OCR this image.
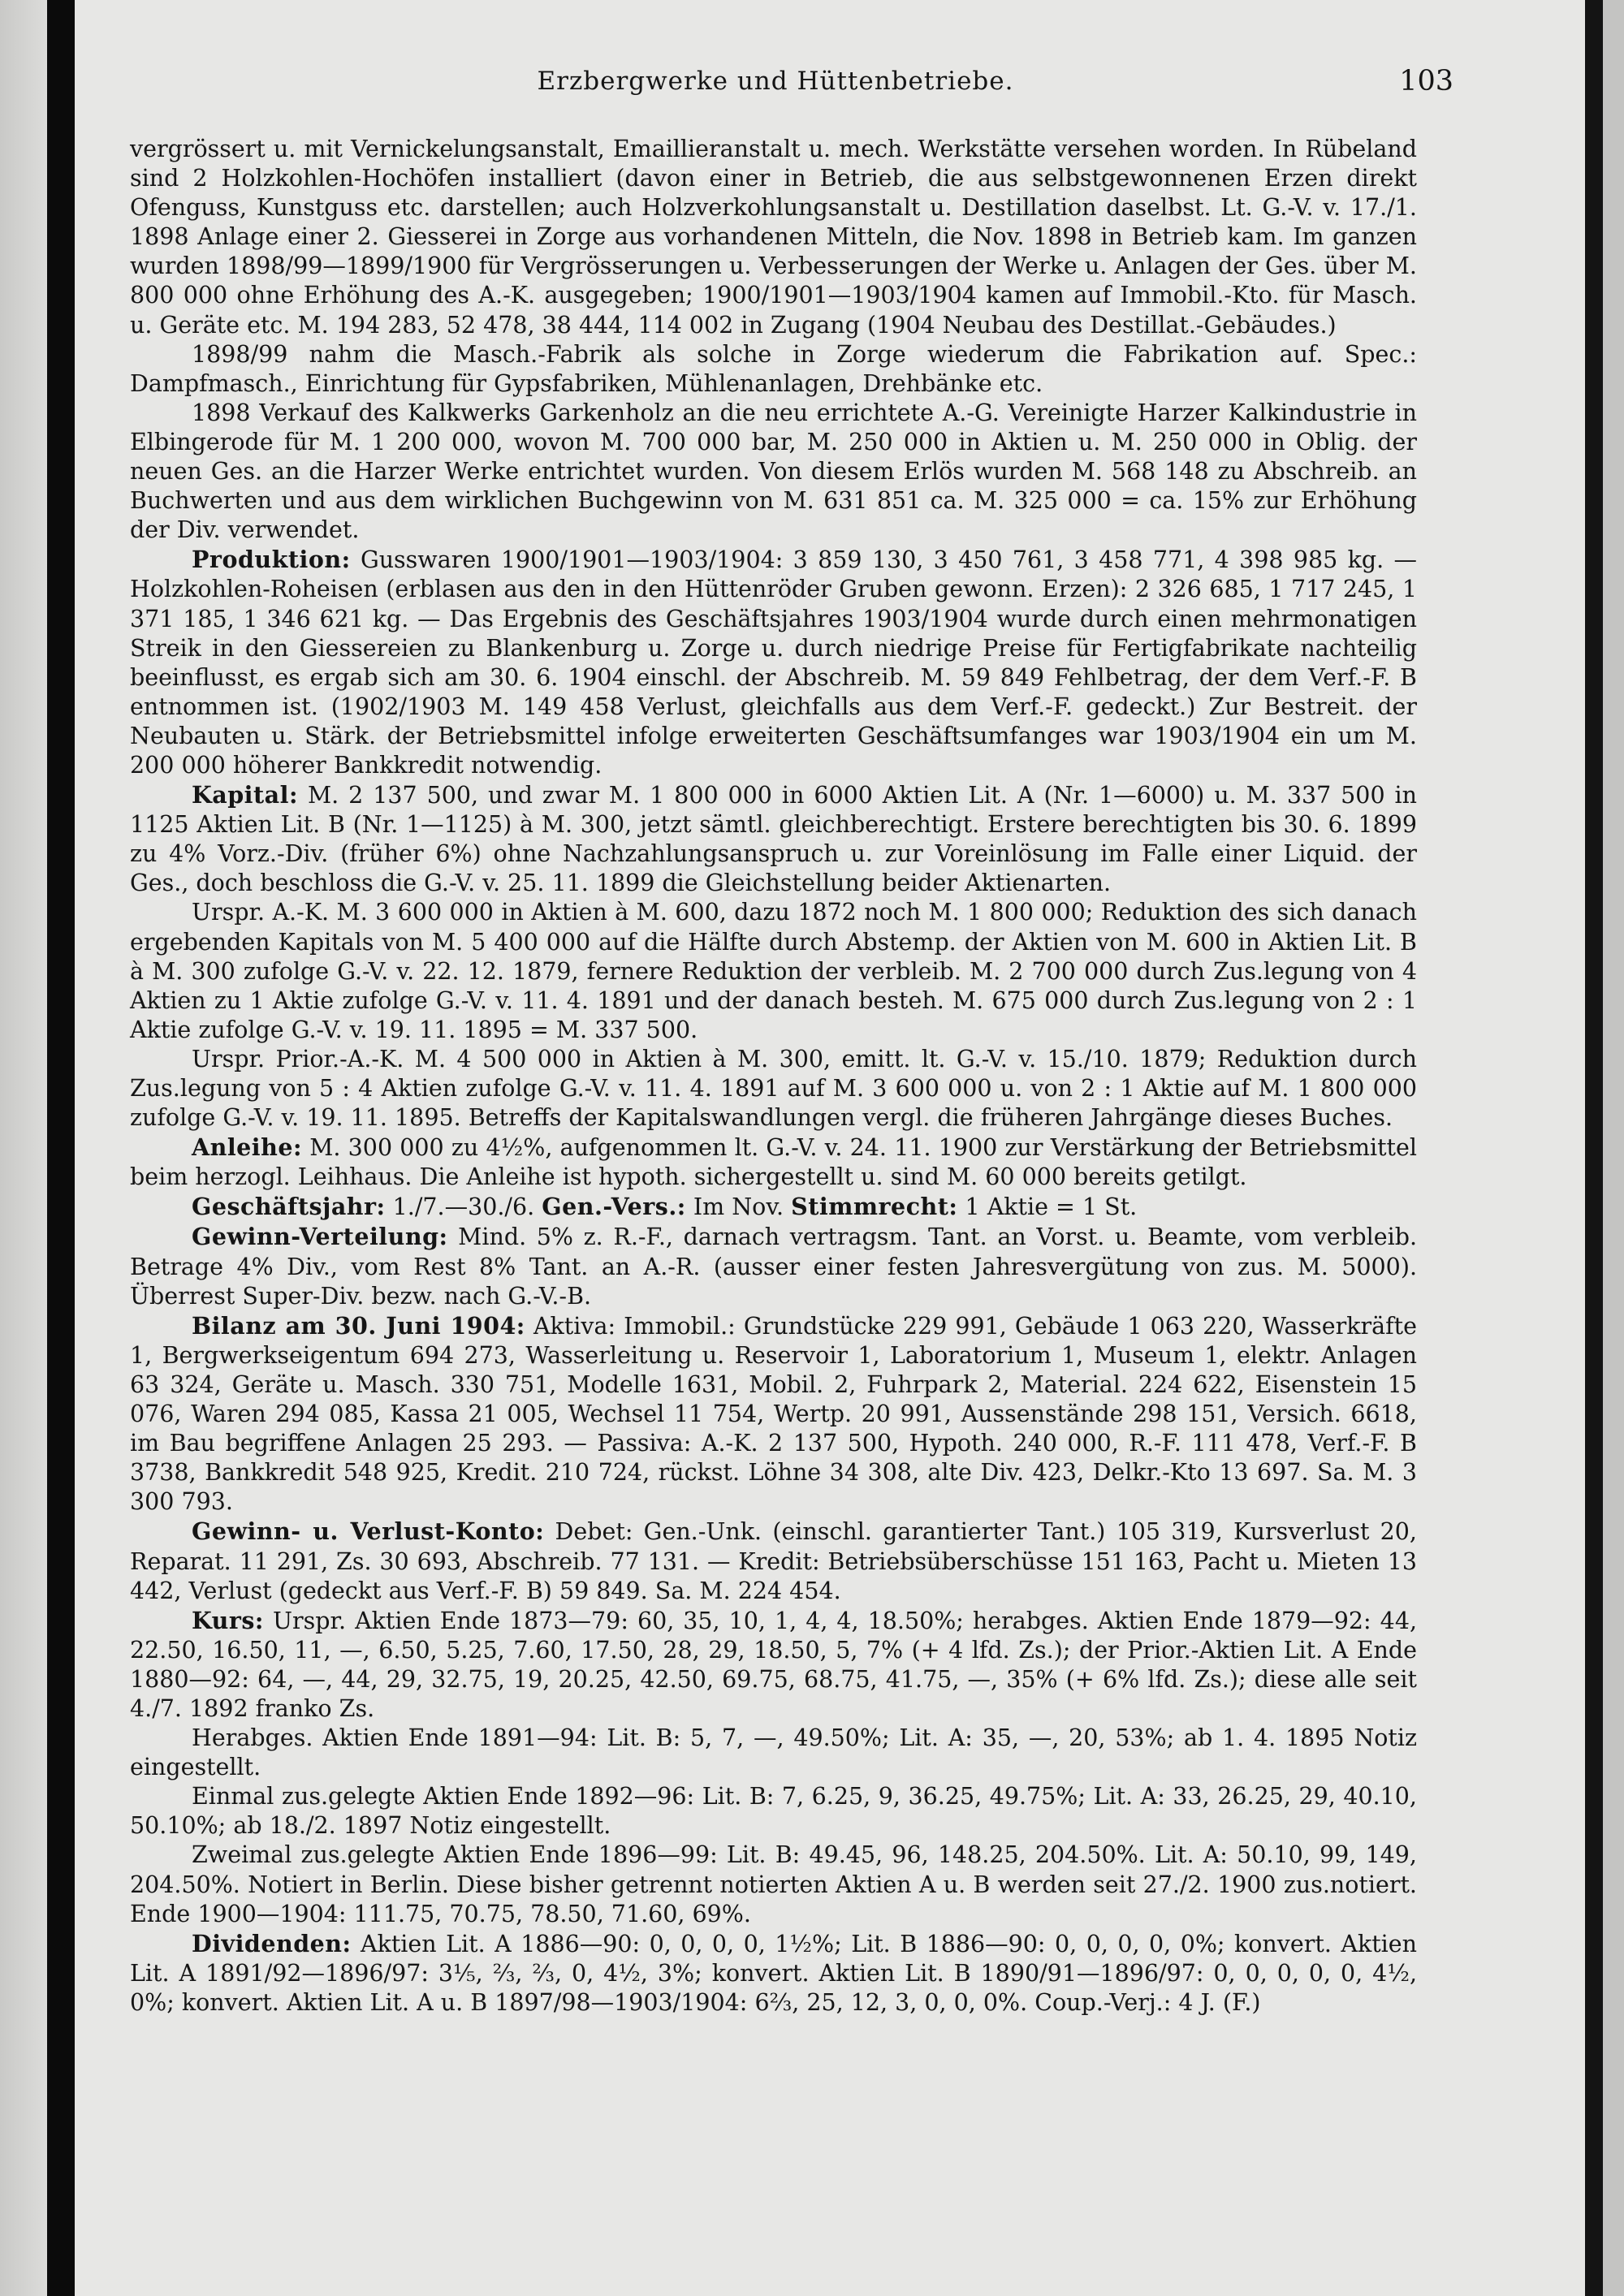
Erzbergwerke und Hüttenbetriebe.	103

vergrössert u. mit Vernickelungsanstalt, Emaillieranstalt u. mech. Werkstätte versehen worden. In Rübeland sind 2 Holzkohlen-Hochöfen installiert (davon einer in Betrieb, die aus selbstgewonnenen Erzen direkt Ofenguss, Kunstguss etc. darstellen; auch Holzverkohlungsanstalt u. Destillation daselbst. Lt. G.-V. v. 17./1. 1898 Anlage einer 2. Giesserei in Zorge aus vorhandenen Mitteln, die Nov. 1898 in Betrieb kam. Im ganzen wurden 1898/99—1899/1900 für Vergrösserungen u. Verbesserungen der Werke u. Anlagen der Ges. über M. 800 000 ohne Erhöhung des A.-K. ausgegeben; 1900/1901—1903/1904 kamen auf Immobil.-Kto. für Masch. u. Geräte etc. M. 194 283, 52 478, 38 444, 114 002 in Zugang (1904 Neubau des Destillat.-Gebäudes.)

1898/99 nahm die Masch.-Fabrik als solche in Zorge wiederum die Fabrikation auf. Spec.: Dampfmasch., Einrichtung für Gypsfabriken, Mühlenanlagen, Drehbänke etc.

1898 Verkauf des Kalkwerks Garkenholz an die neu errichtete A.-G. Vereinigte Harzer Kalkindustrie in Elbingerode für M. 1 200 000, wovon M. 700 000 bar, M. 250 000 in Aktien u. M. 250 000 in Oblig. der neuen Ges. an die Harzer Werke entrichtet wurden. Von diesem Erlös wurden M. 568 148 zu Abschreib. an Buchwerten und aus dem wirklichen Buchgewinn von M. 631 851 ca. M. 325 000 = ca. 15% zur Erhöhung der Div. verwendet.

Produktion: Gusswaren 1900/1901—1903/1904: 3 859 130, 3 450 761, 3 458 771, 4 398 985 kg. — Holzkohlen-Roheisen (erblasen aus den in den Hüttenröder Gruben gewonn. Erzen): 2 326 685, 1 717 245, 1 371 185, 1 346 621 kg. — Das Ergebnis des Geschäftsjahres 1903/1904 wurde durch einen mehrmonatigen Streik in den Giessereien zu Blankenburg u. Zorge u. durch niedrige Preise für Fertigfabrikate nachteilig beeinflusst, es ergab sich am 30. 6. 1904 einschl. der Abschreib. M. 59 849 Fehlbetrag, der dem Verf.-F. B entnommen ist. (1902/1903 M. 149 458 Verlust, gleichfalls aus dem Verf.-F. gedeckt.) Zur Bestreit. der Neubauten u. Stärk. der Betriebsmittel infolge erweiterten Geschäftsumfanges war 1903/1904 ein um M. 200 000 höherer Bankkredit notwendig.

Kapital: M. 2 137 500, und zwar M. 1 800 000 in 6000 Aktien Lit. A (Nr. 1—6000) u. M. 337 500 in 1125 Aktien Lit. B (Nr. 1—1125) à M. 300, jetzt sämtl. gleichberechtigt. Erstere berechtigten bis 30. 6. 1899 zu 4% Vorz.-Div. (früher 6%) ohne Nachzahlungsanspruch u. zur Voreinlösung im Falle einer Liquid. der Ges., doch beschloss die G.-V. v. 25. 11. 1899 die Gleichstellung beider Aktienarten.

Urspr. A.-K. M. 3 600 000 in Aktien à M. 600, dazu 1872 noch M. 1 800 000; Reduktion des sich danach ergebenden Kapitals von M. 5 400 000 auf die Hälfte durch Abstemp. der Aktien von M. 600 in Aktien Lit. B à M. 300 zufolge G.-V. v. 22. 12. 1879, fernere Reduktion der verbleib. M. 2 700 000 durch Zus.legung von 4 Aktien zu 1 Aktie zufolge G.-V. v. 11. 4. 1891 und der danach besteh. M. 675 000 durch Zus.legung von 2 : 1 Aktie zufolge G.-V. v. 19. 11. 1895 = M. 337 500.

Urspr. Prior.-A.-K. M. 4 500 000 in Aktien à M. 300, emitt. lt. G.-V. v. 15./10. 1879; Reduktion durch Zus.legung von 5 : 4 Aktien zufolge G.-V. v. 11. 4. 1891 auf M. 3 600 000 u. von 2 : 1 Aktie auf M. 1 800 000 zufolge G.-V. v. 19. 11. 1895. Betreffs der Kapitalswandlungen vergl. die früheren Jahrgänge dieses Buches.

Anleihe: M. 300 000 zu 4½%, aufgenommen lt. G.-V. v. 24. 11. 1900 zur Verstärkung der Betriebsmittel beim herzogl. Leihhaus. Die Anleihe ist hypoth. sichergestellt u. sind M. 60 000 bereits getilgt.

Geschäftsjahr: 1./7.—30./6. Gen.-Vers.: Im Nov. Stimmrecht: 1 Aktie = 1 St.

Gewinn-Verteilung: Mind. 5% z. R.-F., darnach vertragsm. Tant. an Vorst. u. Beamte, vom verbleib. Betrage 4% Div., vom Rest 8% Tant. an A.-R. (ausser einer festen Jahresvergütung von zus. M. 5000). Überrest Super-Div. bezw. nach G.-V.-B.

Bilanz am 30. Juni 1904: Aktiva: Immobil.: Grundstücke 229 991, Gebäude 1 063 220, Wasserkräfte 1, Bergwerkseigentum 694 273, Wasserleitung u. Reservoir 1, Laboratorium 1, Museum 1, elektr. Anlagen 63 324, Geräte u. Masch. 330 751, Modelle 1631, Mobil. 2, Fuhrpark 2, Material. 224 622, Eisenstein 15 076, Waren 294 085, Kassa 21 005, Wechsel 11 754, Wertp. 20 991, Aussenstände 298 151, Versich. 6618, im Bau begriffene Anlagen 25 293. — Passiva: A.-K. 2 137 500, Hypoth. 240 000, R.-F. 111 478, Verf.-F. B 3738, Bankkredit 548 925, Kredit. 210 724, rückst. Löhne 34 308, alte Div. 423, Delkr.-Kto 13 697. Sa. M. 3 300 793.

Gewinn- u. Verlust-Konto: Debet: Gen.-Unk. (einschl. garantierter Tant.) 105 319, Kursverlust 20, Reparat. 11 291, Zs. 30 693, Abschreib. 77 131. — Kredit: Betriebsüberschüsse 151 163, Pacht u. Mieten 13 442, Verlust (gedeckt aus Verf.-F. B) 59 849. Sa. M. 224 454.

Kurs: Urspr. Aktien Ende 1873—79: 60, 35, 10, 1, 4, 4, 18.50%; herabges. Aktien Ende 1879—92: 44, 22.50, 16.50, 11, —, 6.50, 5.25, 7.60, 17.50, 28, 29, 18.50, 5, 7% (+ 4 lfd. Zs.); der Prior.-Aktien Lit. A Ende 1880—92: 64, —, 44, 29, 32.75, 19, 20.25, 42.50, 69.75, 68.75, 41.75, —, 35% (+ 6% lfd. Zs.); diese alle seit 4./7. 1892 franko Zs.

Herabges. Aktien Ende 1891—94: Lit. B: 5, 7, —, 49.50%; Lit. A: 35, —, 20, 53%; ab 1. 4. 1895 Notiz eingestellt.

Einmal zus.gelegte Aktien Ende 1892—96: Lit. B: 7, 6.25, 9, 36.25, 49.75%; Lit. A: 33, 26.25, 29, 40.10, 50.10%; ab 18./2. 1897 Notiz eingestellt.

Zweimal zus.gelegte Aktien Ende 1896—99: Lit. B: 49.45, 96, 148.25, 204.50%. Lit. A: 50.10, 99, 149, 204.50%. Notiert in Berlin. Diese bisher getrennt notierten Aktien A u. B werden seit 27./2. 1900 zus.notiert. Ende 1900—1904: 111.75, 70.75, 78.50, 71.60, 69%.

Dividenden: Aktien Lit. A 1886—90: 0, 0, 0, 0, 1½%; Lit. B 1886—90: 0, 0, 0, 0, 0%; konvert. Aktien Lit. A 1891/92—1896/97: 3⅕, ⅔, ⅔, 0, 4½, 3%; konvert. Aktien Lit. B 1890/91—1896/97: 0, 0, 0, 0, 0, 4½, 0%; konvert. Aktien Lit. A u. B 1897/98—1903/1904: 6⅔, 25, 12, 3, 0, 0, 0%. Coup.-Verj.: 4 J. (F.)
